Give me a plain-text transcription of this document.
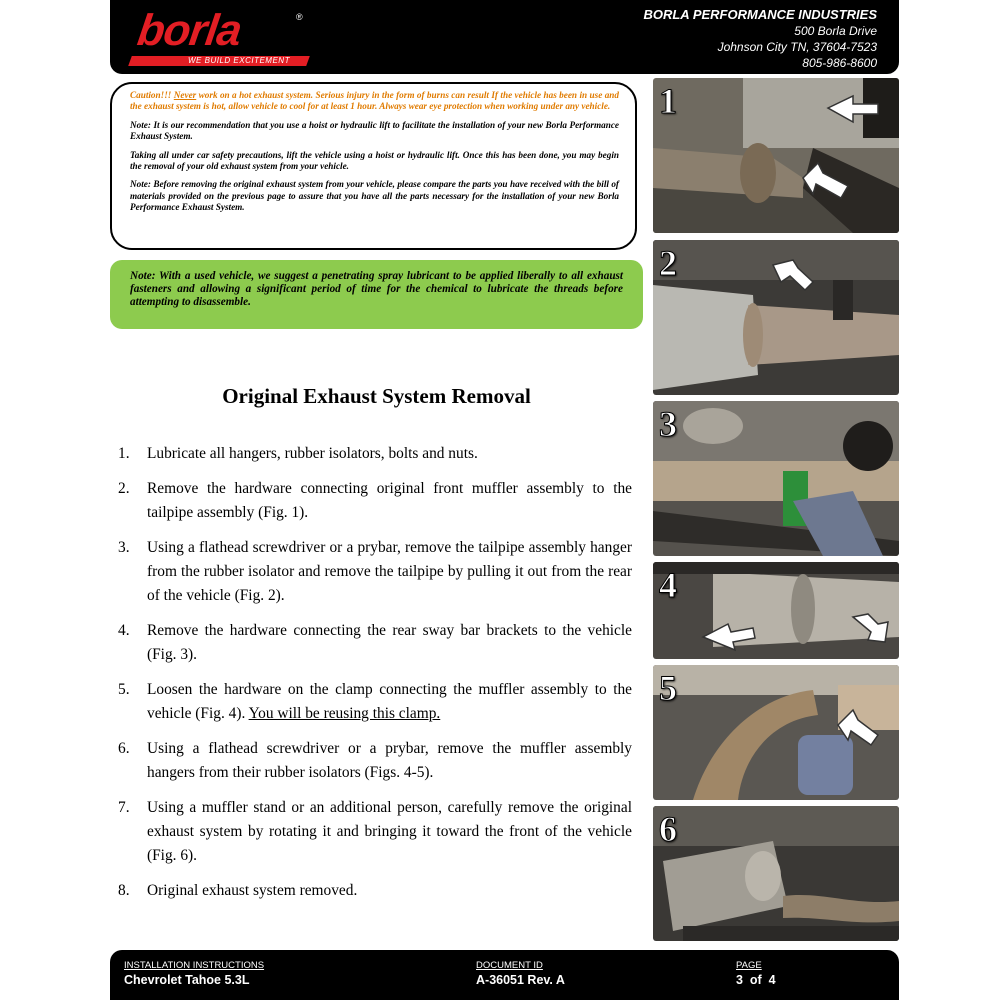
borla	®
WE BUILD EXCITEMENT
BORLA PERFORMANCE INDUSTRIES
500 Borla Drive
Johnson City TN, 37604-7523
805-986-8600

Caution!!! Never work on a hot exhaust system. Serious injury in the form of burns can result If the vehicle has been in use and the exhaust system is hot, allow vehicle to cool for at least 1 hour. Always wear eye protection when working under any vehicle.

Note: It is our recommendation that you use a hoist or hydraulic lift to facilitate the installation of your new Borla Performance Exhaust System.

Taking all under car safety precautions, lift the vehicle using a hoist or hydraulic lift. Once this has been done, you may begin the removal of your old exhaust system from your vehicle.

Note: Before removing the original exhaust system from your vehicle, please compare the parts you have received with the bill of materials provided on the previous page to assure that you have all the parts necessary for the installation of your new Borla Performance Exhaust System.

Note: With a used vehicle, we suggest a penetrating spray lubricant to be applied liberally to all exhaust fasteners and allowing a significant period of time for the chemical to lubricate the threads before attempting to disassemble.
Original Exhaust System Removal
1. Lubricate all hangers, rubber isolators, bolts and nuts.
2. Remove the hardware connecting original front muffler assembly to the tailpipe assembly (Fig. 1).
3. Using a flathead screwdriver or a prybar, remove the tailpipe assembly hanger from the rubber isolator and remove the tailpipe by pulling it out from the rear of the vehicle (Fig. 2).
4. Remove the hardware connecting the rear sway bar brackets to the vehicle (Fig. 3).
5. Loosen the hardware on the clamp connecting the muffler assembly to the vehicle (Fig. 4). You will be reusing this clamp.
6. Using a flathead screwdriver or a prybar, remove the muffler assembly hangers from their rubber isolators (Figs. 4-5).
7. Using a muffler stand or an additional person, carefully remove the original exhaust system by rotating it and bringing it toward the front of the vehicle (Fig. 6).
8. Original exhaust system removed.
1
2
3
4
5
6
INSTALLATION INSTRUCTIONS
Chevrolet Tahoe 5.3L
DOCUMENT ID
A-36051 Rev. A
PAGE
3  of  4
